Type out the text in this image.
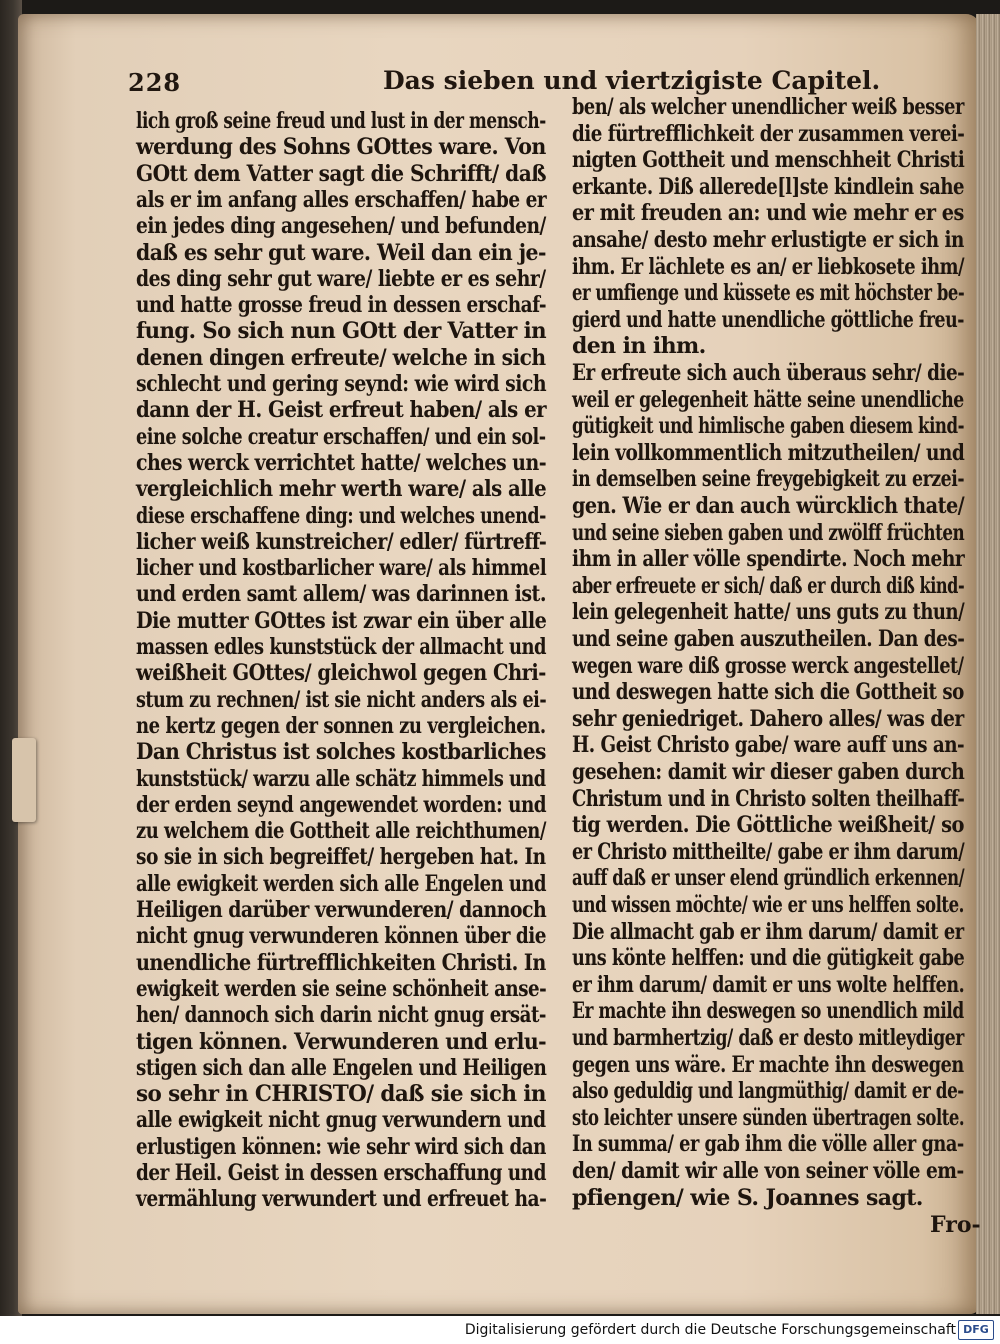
228	Das sieben und viertzigiste Capitel.
lich groß seine freud und lust in der mensch-
werdung des Sohns GOttes ware. Von
GOtt dem Vatter sagt die Schrifft/ daß
als er im anfang alles erschaffen/ habe er
ein jedes ding angesehen/ und befunden/
daß es sehr gut ware. Weil dan ein je-
des ding sehr gut ware/ liebte er es sehr/
und hatte grosse freud in dessen erschaf-
fung. So sich nun GOtt der Vatter in
denen dingen erfreute/ welche in sich
schlecht und gering seynd: wie wird sich
dann der H. Geist erfreut haben/ als er
eine solche creatur erschaffen/ und ein sol-
ches werck verrichtet hatte/ welches un-
vergleichlich mehr werth ware/ als alle
diese erschaffene ding: und welches unend-
licher weiß kunstreicher/ edler/ fürtreff-
licher und kostbarlicher ware/ als himmel
und erden samt allem/ was darinnen ist.
Die mutter GOttes ist zwar ein über alle
massen edles kunststück der allmacht und
weißheit GOttes/ gleichwol gegen Chri-
stum zu rechnen/ ist sie nicht anders als ei-
ne kertz gegen der sonnen zu vergleichen.
Dan Christus ist solches kostbarliches
kunststück/ warzu alle schätz himmels und
der erden seynd angewendet worden: und
zu welchem die Gottheit alle reichthumen/
so sie in sich begreiffet/ hergeben hat. In
alle ewigkeit werden sich alle Engelen und
Heiligen darüber verwunderen/ dannoch
nicht gnug verwunderen können über die
unendliche fürtrefflichkeiten Christi. In
ewigkeit werden sie seine schönheit anse-
hen/ dannoch sich darin nicht gnug ersät-
tigen können. Verwunderen und erlu-
stigen sich dan alle Engelen und Heiligen
so sehr in CHRISTO/ daß sie sich in
alle ewigkeit nicht gnug verwundern und
erlustigen können: wie sehr wird sich dan
der Heil. Geist in dessen erschaffung und
vermählung verwundert und erfreuet ha-
ben/ als welcher unendlicher weiß besser
die fürtrefflichkeit der zusammen verei-
nigten Gottheit und menschheit Christi
erkante. Diß allerede[l]ste kindlein sahe
er mit freuden an: und wie mehr er es
ansahe/ desto mehr erlustigte er sich in
ihm. Er lächlete es an/ er liebkosete ihm/
er umfienge und küssete es mit höchster be-
gierd und hatte unendliche göttliche freu-
den in ihm.
Er erfreute sich auch überaus sehr/ die-
weil er gelegenheit hätte seine unendliche
gütigkeit und himlische gaben diesem kind-
lein vollkommentlich mitzutheilen/ und
in demselben seine freygebigkeit zu erzei-
gen. Wie er dan auch würcklich thate/
und seine sieben gaben und zwölff früchten
ihm in aller völle spendirte. Noch mehr
aber erfreuete er sich/ daß er durch diß kind-
lein gelegenheit hatte/ uns guts zu thun/
und seine gaben auszutheilen. Dan des-
wegen ware diß grosse werck angestellet/
und deswegen hatte sich die Gottheit so
sehr geniedriget. Dahero alles/ was der
H. Geist Christo gabe/ ware auff uns an-
gesehen: damit wir dieser gaben durch
Christum und in Christo solten theilhaff-
tig werden. Die Göttliche weißheit/ so
er Christo mittheilte/ gabe er ihm darum/
auff daß er unser elend gründlich erkennen/
und wissen möchte/ wie er uns helffen solte.
Die allmacht gab er ihm darum/ damit er
uns könte helffen: und die gütigkeit gabe
er ihm darum/ damit er uns wolte helffen.
Er machte ihn deswegen so unendlich mild
und barmhertzig/ daß er desto mitleydiger
gegen uns wäre. Er machte ihn deswegen
also geduldig und langmüthig/ damit er de-
sto leichter unsere sünden übertragen solte.
In summa/ er gab ihm die völle aller gna-
den/ damit wir alle von seiner völle em-
pfiengen/ wie S. Joannes sagt.
Fro-
Digitalisierung gefördert durch die Deutsche Forschungsgemeinschaft DFG
